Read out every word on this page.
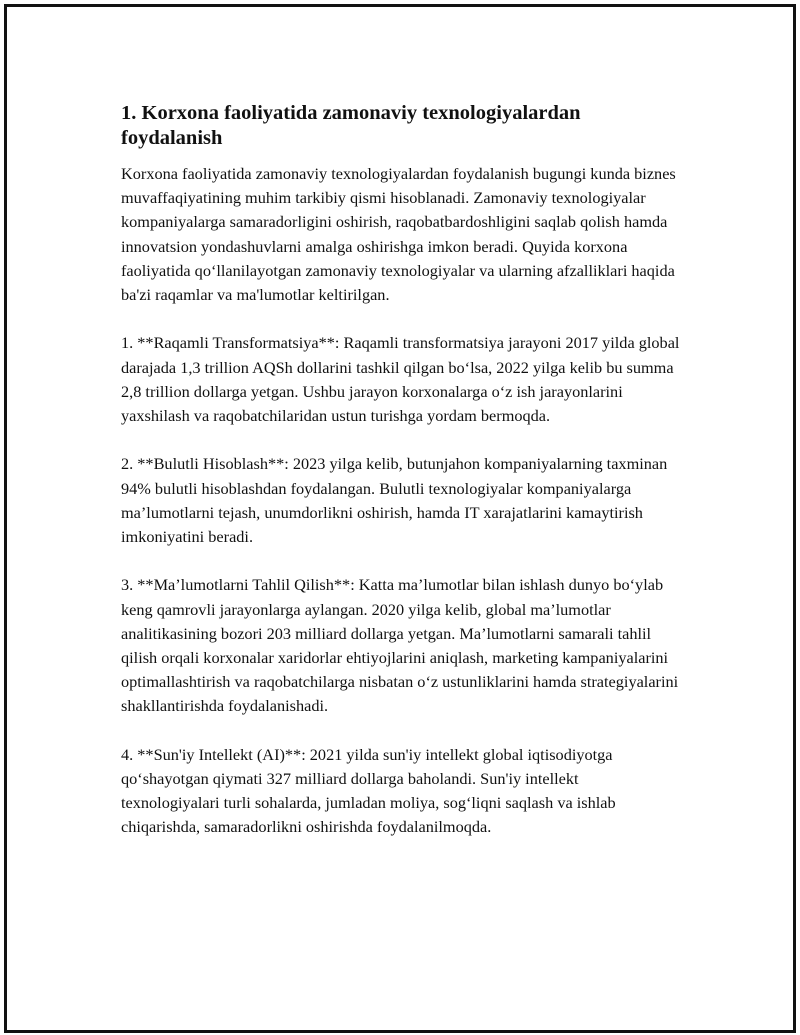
1. Korxona faoliyatida zamonaviy texnologiyalardan foydalanish

Korxona faoliyatida zamonaviy texnologiyalardan foydalanish bugungi kunda biznes muvaffaqiyatining muhim tarkibiy qismi hisoblanadi. Zamonaviy texnologiyalar kompaniyalarga samaradorligini oshirish, raqobatbardoshligini saqlab qolish hamda innovatsion yondashuvlarni amalga oshirishga imkon beradi. Quyida korxona faoliyatida qo‘llanilayotgan zamonaviy texnologiyalar va ularning afzalliklari haqida ba'zi raqamlar va ma'lumotlar keltirilgan.

1. **Raqamli Transformatsiya**: Raqamli transformatsiya jarayoni 2017 yilda global darajada 1,3 trillion AQSh dollarini tashkil qilgan bo‘lsa, 2022 yilga kelib bu summa 2,8 trillion dollarga yetgan. Ushbu jarayon korxonalarga o‘z ish jarayonlarini yaxshilash va raqobatchilaridan ustun turishga yordam bermoqda.

2. **Bulutli Hisoblash**: 2023 yilga kelib, butunjahon kompaniyalarning taxminan 94% bulutli hisoblashdan foydalangan. Bulutli texnologiyalar kompaniyalarga ma’lumotlarni tejash, unumdorlikni oshirish, hamda IT xarajatlarini kamaytirish imkoniyatini beradi.

3. **Ma’lumotlarni Tahlil Qilish**: Katta ma’lumotlar bilan ishlash dunyo bo‘ylab keng qamrovli jarayonlarga aylangan. 2020 yilga kelib, global ma’lumotlar analitikasining bozori 203 milliard dollarga yetgan. Ma’lumotlarni samarali tahlil qilish orqali korxonalar xaridorlar ehtiyojlarini aniqlash, marketing kampaniyalarini optimallashtirish va raqobatchilarga nisbatan o‘z ustunliklarini hamda strategiyalarini shakllantirishda foydalanishadi.

4. **Sun'iy Intellekt (AI)**: 2021 yilda sun'iy intellekt global iqtisodiyotga qo‘shayotgan qiymati 327 milliard dollarga baholandi. Sun'iy intellekt texnologiyalari turli sohalarda, jumladan moliya, sog‘liqni saqlash va ishlab chiqarishda, samaradorlikni oshirishda foydalanilmoqda.
